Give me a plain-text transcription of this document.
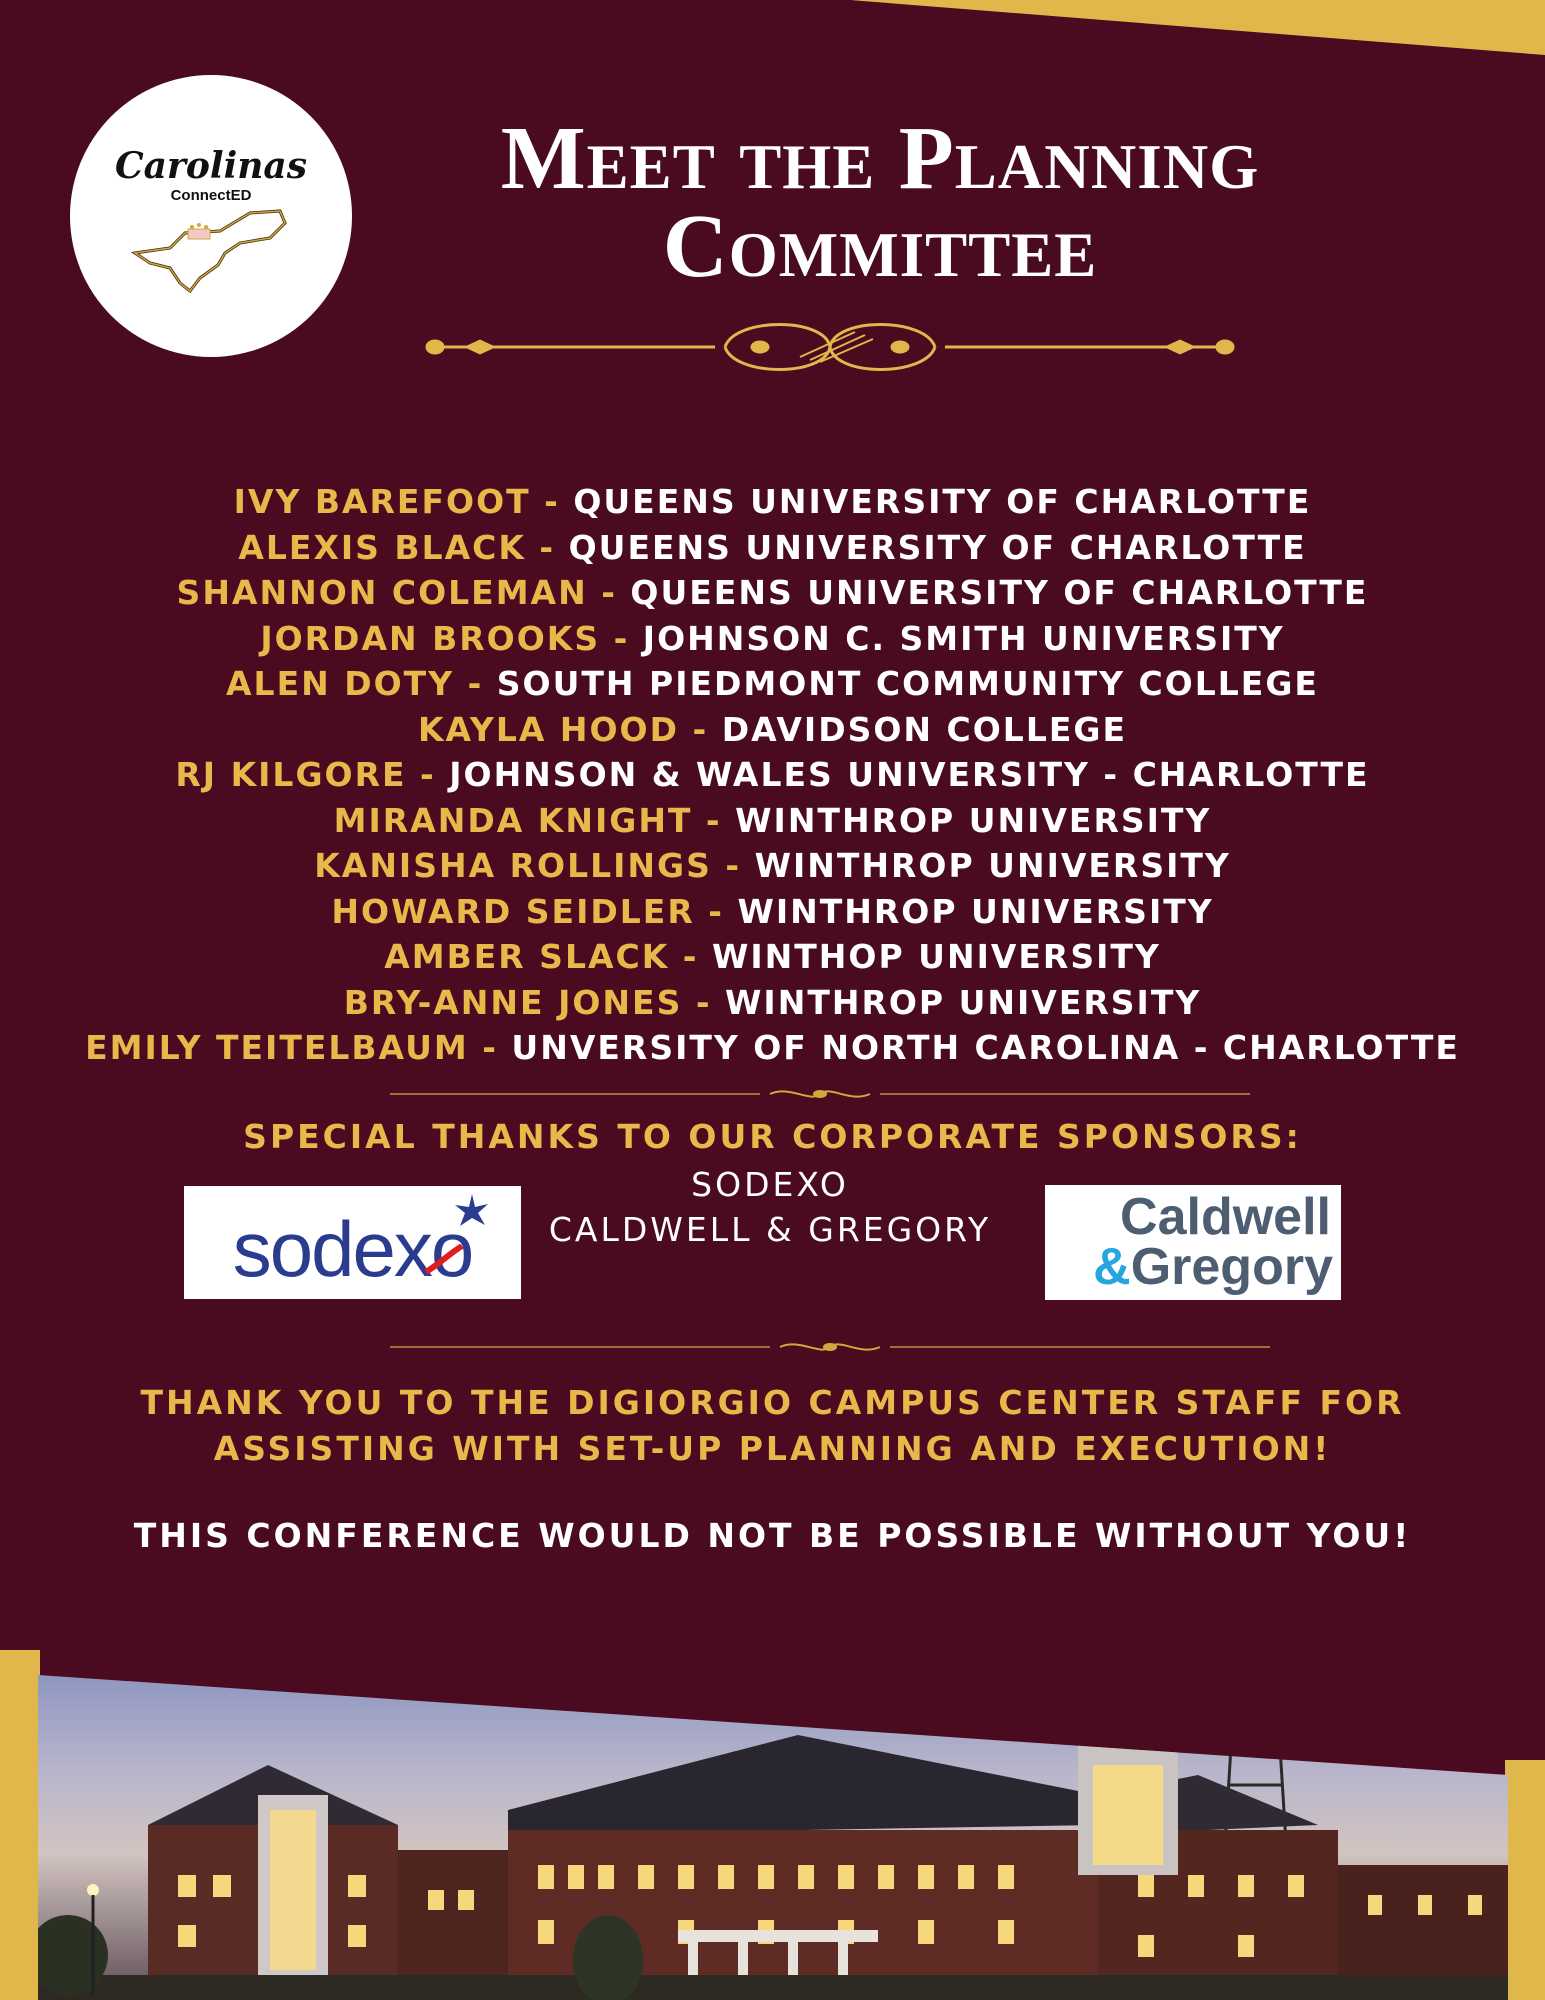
Carolinas
ConnectED	Meet the Planning
Committee
IVY BAREFOOT - QUEENS UNIVERSITY OF CHARLOTTE
ALEXIS BLACK - QUEENS UNIVERSITY OF CHARLOTTE
SHANNON COLEMAN - QUEENS UNIVERSITY OF CHARLOTTE
JORDAN BROOKS - JOHNSON C. SMITH UNIVERSITY
ALEN DOTY - SOUTH PIEDMONT COMMUNITY COLLEGE
KAYLA HOOD - DAVIDSON COLLEGE
RJ KILGORE - JOHNSON & WALES UNIVERSITY - CHARLOTTE
MIRANDA KNIGHT - WINTHROP UNIVERSITY
KANISHA ROLLINGS - WINTHROP UNIVERSITY
HOWARD SEIDLER - WINTHROP UNIVERSITY
AMBER SLACK - WINTHOP UNIVERSITY
BRY-ANNE JONES - WINTHROP UNIVERSITY
EMILY TEITELBAUM - UNVERSITY OF NORTH CAROLINA - CHARLOTTE
SPECIAL THANKS TO OUR CORPORATE SPONSORS:
SODEXO
CALDWELL & GREGORY
sodexo	Caldwell
&Gregory
THANK YOU TO THE DIGIORGIO CAMPUS CENTER STAFF FOR
ASSISTING WITH SET-UP PLANNING AND EXECUTION!
THIS CONFERENCE WOULD NOT BE POSSIBLE WITHOUT YOU!
